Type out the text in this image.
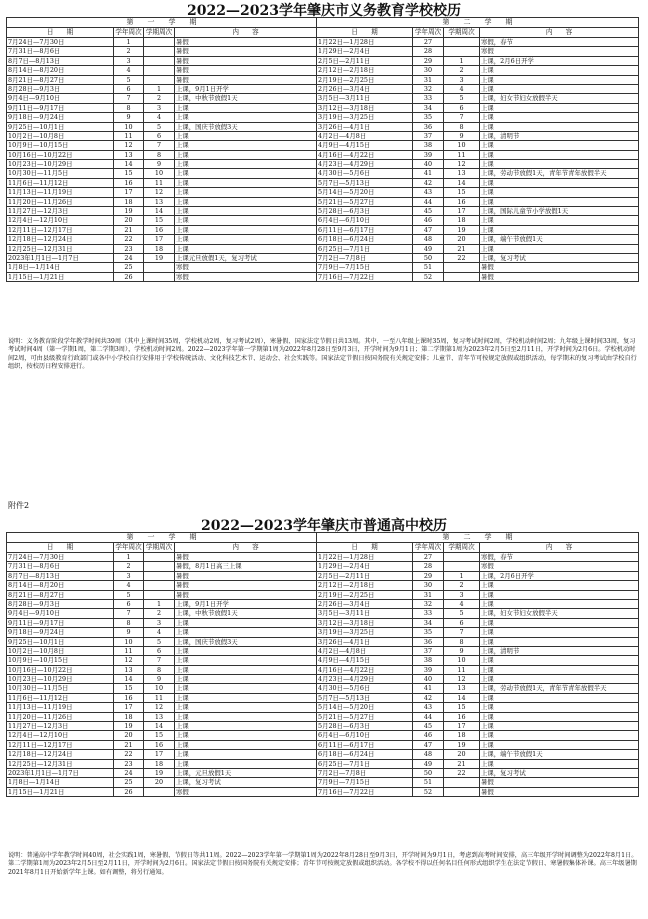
2022—2023学年肇庆市义务教育学校校历
第　　一　　学　　期				第　　二　　学　　期			
日　　期	学年周次	学期周次	内　　容	日　　期	学年周次	学期周次	内　　容
7月24日—7月30日	1		暑假	1月22日—1月28日	27		寒假，春节
7月31日—8月6日	2		暑假	1月29日—2月4日	28		寒假
8月7日—8月13日	3		暑假	2月5日—2月11日	29	1	上课，2月6日开学
8月14日—8月20日	4		暑假	2月12日—2月18日	30	2	上课
8月21日—8月27日	5		暑假	2月19日—2月25日	31	3	上课
8月28日—9月3日	6	1	上课，9月1日开学	2月26日—3月4日	32	4	上课
9月4日—9月10日	7	2	上课，中秋节放假1天	3月5日—3月11日	33	5	上课，妇女节妇女放假半天
9月11日—9月17日	8	3	上课	3月12日—3月18日	34	6	上课
9月18日—9月24日	9	4	上课	3月19日—3月25日	35	7	上课
9月25日—10月1日	10	5	上课，国庆节放假3天	3月26日—4月1日	36	8	上课
10月2日—10月8日	11	6	上课	4月2日—4月8日	37	9	上课，清明节
10月9日—10月15日	12	7	上课	4月9日—4月15日	38	10	上课
10月16日—10月22日	13	8	上课	4月16日—4月22日	39	11	上课
10月23日—10月29日	14	9	上课	4月23日—4月29日	40	12	上课
10月30日—11月5日	15	10	上课	4月30日—5月6日	41	13	上课，劳动节放假1天，青年节青年放假半天
11月6日—11月12日	16	11	上课	5月7日—5月13日	42	14	上课
11月13日—11月19日	17	12	上课	5月14日—5月20日	43	15	上课
11月20日—11月26日	18	13	上课	5月21日—5月27日	44	16	上课
11月27日—12月3日	19	14	上课	5月28日—6月3日	45	17	上课，国际儿童节小学放假1天
12月4日—12月10日	20	15	上课	6月4日—6月10日	46	18	上课
12月11日—12月17日	21	16	上课	6月11日—6月17日	47	19	上课
12月18日—12月24日	22	17	上课	6月18日—6月24日	48	20	上课，端午节放假1天
12月25日—12月31日	23	18	上课	6月25日—7月1日	49	21	上课
2023年1月1日—1月7日	24	19	上课元旦放假1天，复习考试	7月2日—7月8日	50	22	上课，复习考试
1月8日—1月14日	25		寒假	7月9日—7月15日	51		暑假
1月15日—1月21日	26		寒假	7月16日—7月22日	52		暑假
说明：义务教育阶段学年教学时间共39周（其中上课时间35周，学校机动2周，复习考试2周），寒暑假、国家法定节假日共13周。其中，一至八年级上课时35周，复习考试时间2周，学校机动时间2周；九年级上课时间33周，复习考试时间4周（第一学期1周，第二学期3周），学校机动时间2周。2022—2023学年第一学期第1周为2022年8月28日至9月3日，开学时间为9月1日；第二学期第1周为2023年2月5日至2月11日，开学时间为2月6日。学校机动时间2周，可由县级教育行政部门或各中小学校自行安排用于学校传统活动、文化科技艺术节、运动会、社会实践等。国家法定节假日按国务院有关规定安排；儿童节、青年节可按规定放假或组织活动，每学期末的复习考试由学校自行组织，按校历日程安排进行。
附件2
2022—2023学年肇庆市普通高中校历
第　　一　　学　　期				第　　二　　学　　期			
日　　期	学年周次	学期周次	内　　容	日　　期	学年周次	学期周次	内　　容
7月24日—7月30日	1		暑假	1月22日—1月28日	27		寒假，春节
7月31日—8月6日	2		暑假，8月1日高三上课	1月29日—2月4日	28		寒假
8月7日—8月13日	3		暑假	2月5日—2月11日	29	1	上课，2月6日开学
8月14日—8月20日	4		暑假	2月12日—2月18日	30	2	上课
8月21日—8月27日	5		暑假	2月19日—2月25日	31	3	上课
8月28日—9月3日	6	1	上课，9月1日开学	2月26日—3月4日	32	4	上课
9月4日—9月10日	7	2	上课，中秋节放假1天	3月5日—3月11日	33	5	上课，妇女节妇女放假半天
9月11日—9月17日	8	3	上课	3月12日—3月18日	34	6	上课
9月18日—9月24日	9	4	上课	3月19日—3月25日	35	7	上课
9月25日—10月1日	10	5	上课，国庆节放假3天	3月26日—4月1日	36	8	上课
10月2日—10月8日	11	6	上课	4月2日—4月8日	37	9	上课，清明节
10月9日—10月15日	12	7	上课	4月9日—4月15日	38	10	上课
10月16日—10月22日	13	8	上课	4月16日—4月22日	39	11	上课
10月23日—10月29日	14	9	上课	4月23日—4月29日	40	12	上课
10月30日—11月5日	15	10	上课	4月30日—5月6日	41	13	上课，劳动节放假1天，青年节青年放假半天
11月6日—11月12日	16	11	上课	5月7日—5月13日	42	14	上课
11月13日—11月19日	17	12	上课	5月14日—5月20日	43	15	上课
11月20日—11月26日	18	13	上课	5月21日—5月27日	44	16	上课
11月27日—12月3日	19	14	上课	5月28日—6月3日	45	17	上课
12月4日—12月10日	20	15	上课	6月4日—6月10日	46	18	上课
12月11日—12月17日	21	16	上课	6月11日—6月17日	47	19	上课
12月18日—12月24日	22	17	上课	6月18日—6月24日	48	20	上课，端午节放假1天
12月25日—12月31日	23	18	上课	6月25日—7月1日	49	21	上课
2023年1月1日—1月7日	24	19	上课，元旦放假1天	7月2日—7月8日	50	22	上课，复习考试
1月8日—1月14日	25	20	上课，复习考试	7月9日—7月15日	51		暑假
1月15日—1月21日	26		寒假	7月16日—7月22日	52		暑假
说明：普通高中学年教学时间40周，社会实践1周，寒暑假、节假日等共11周。2022—2023学年第一学期第1周为2022年8月28日至9月3日，开学时间为9月1日，考虑到高考时间安排，高三年级开学时间调整为2022年8月1日。第二学期第1周为2023年2月5日至2月11日，开学时间为2月6日。国家法定节假日按国务院有关规定安排；青年节可按规定放假或组织活动。各学校不得以任何名目任何形式组织学生在法定节假日、寒暑假集体补课。高三年级暑期2021年8月1日开始新学年上课。如有调整，将另行通知。
